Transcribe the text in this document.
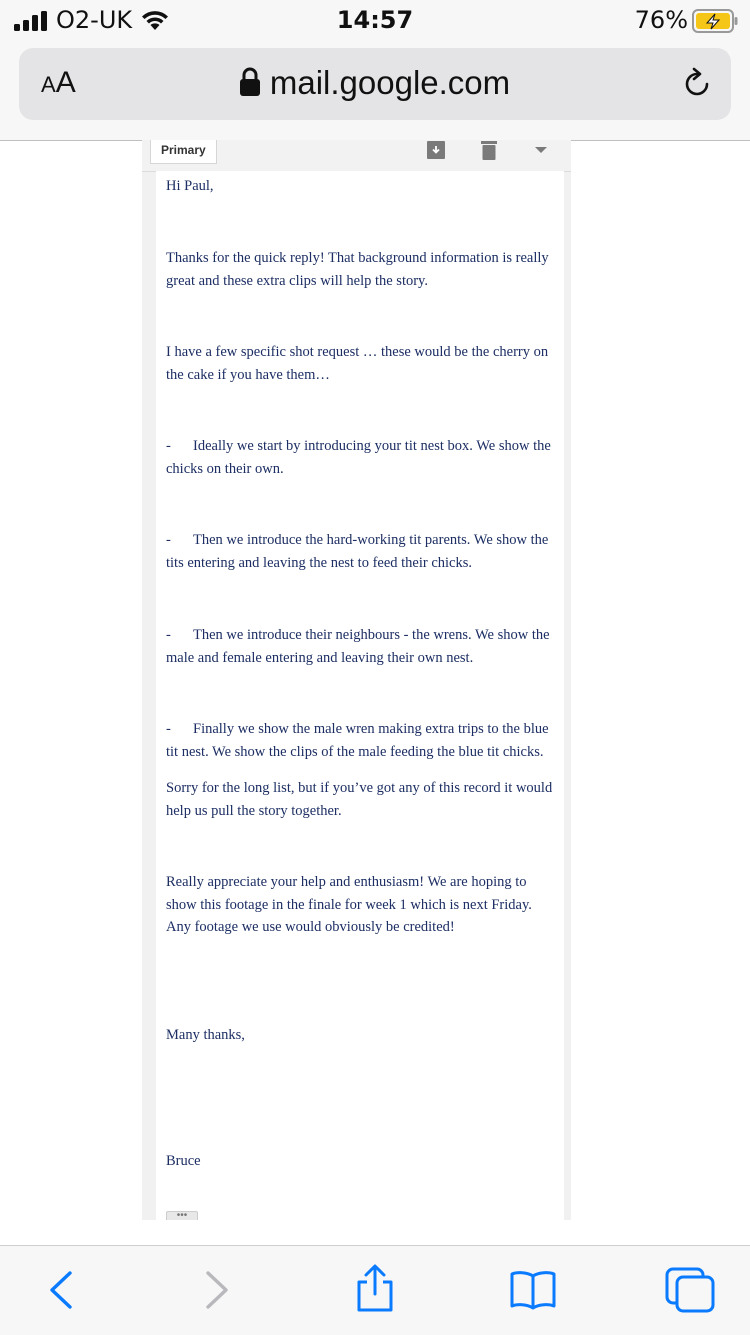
O2-UK	14:57	76%
AA	mail.google.com
Primary

Hi Paul,

Thanks for the quick reply! That background information is really great and these extra clips will help the story.

I have a few specific shot request … these would be the cherry on the cake if you have them…

- Ideally we start by introducing your tit nest box. We show the chicks on their own.

- Then we introduce the hard-working tit parents. We show the tits entering and leaving the nest to feed their chicks.

- Then we introduce their neighbours - the wrens. We show the male and female entering and leaving their own nest.

- Finally we show the male wren making extra trips to the blue tit nest. We show the clips of the male feeding the blue tit chicks.

Sorry for the long list, but if you’ve got any of this record it would help us pull the story together.

Really appreciate your help and enthusiasm! We are hoping to show this footage in the finale for week 1 which is next Friday. Any footage we use would obviously be credited!

Many thanks,

Bruce

•••
